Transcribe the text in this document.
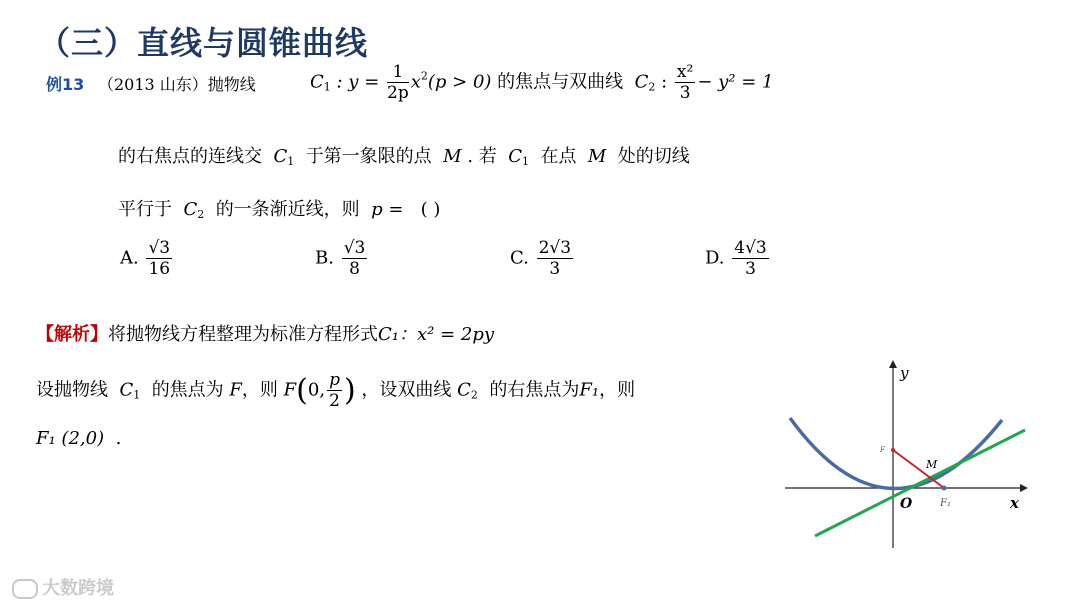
（三）直线与圆锥曲线
例13 （2013 山东）抛物线	$C_1$ : $y = \frac{1}{2p} x^2(p > 0)$ 的焦点与双曲线 $C_2$ : $\frac{\text{x²}}{3} - y^2 = 1$
的右焦点的连线交 $C_1$ 于第一象限的点 M . 若 $C_1$ 在点 M 处的切线
平行于 $C_2$ 的一条渐近线，则 p = ( )
A. $\frac{√3}{16}$	B. $\frac{√3}{8}$	C. $\frac{2√3}{3}$	D. $\frac{4√3}{3}$
【解析】将抛物线方程整理为标准方程形式C₁：x² = 2py
设抛物线 $C_1$ 的焦点为 F，则 F(0, $\frac{p}{2}$ ) ，设双曲线 $C_2$ 的右焦点为F₁，则
F₁ (2,0) .
y
x
O
M
F₁
F
大数跨境
